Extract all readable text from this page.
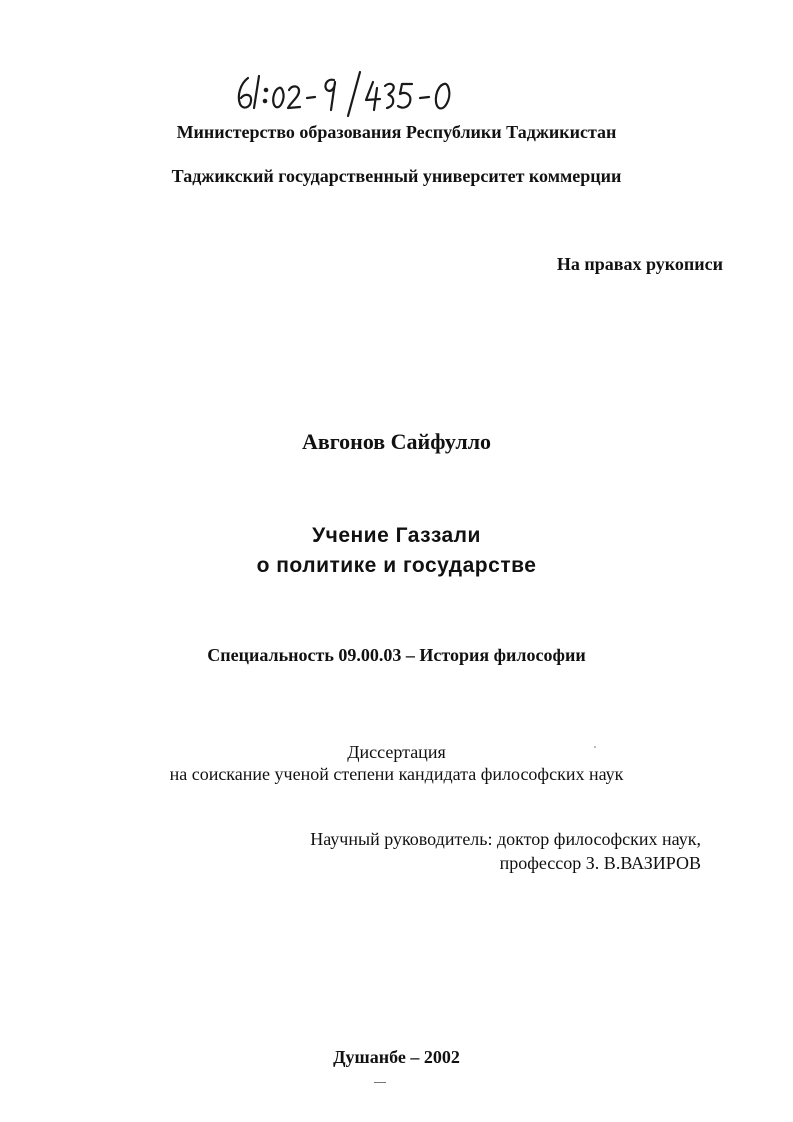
Министерство образования Республики Таджикистан
Таджикский государственный университет коммерции
На правах рукописи
Авгонов Сайфулло
Учение Газзали
о политике и государстве
Специальность 09.00.03 – История философии
Диссертация
на соискание ученой степени кандидата философских наук
Научный руководитель: доктор философских наук,
профессор З. В.ВАЗИРОВ
Душанбе – 2002
